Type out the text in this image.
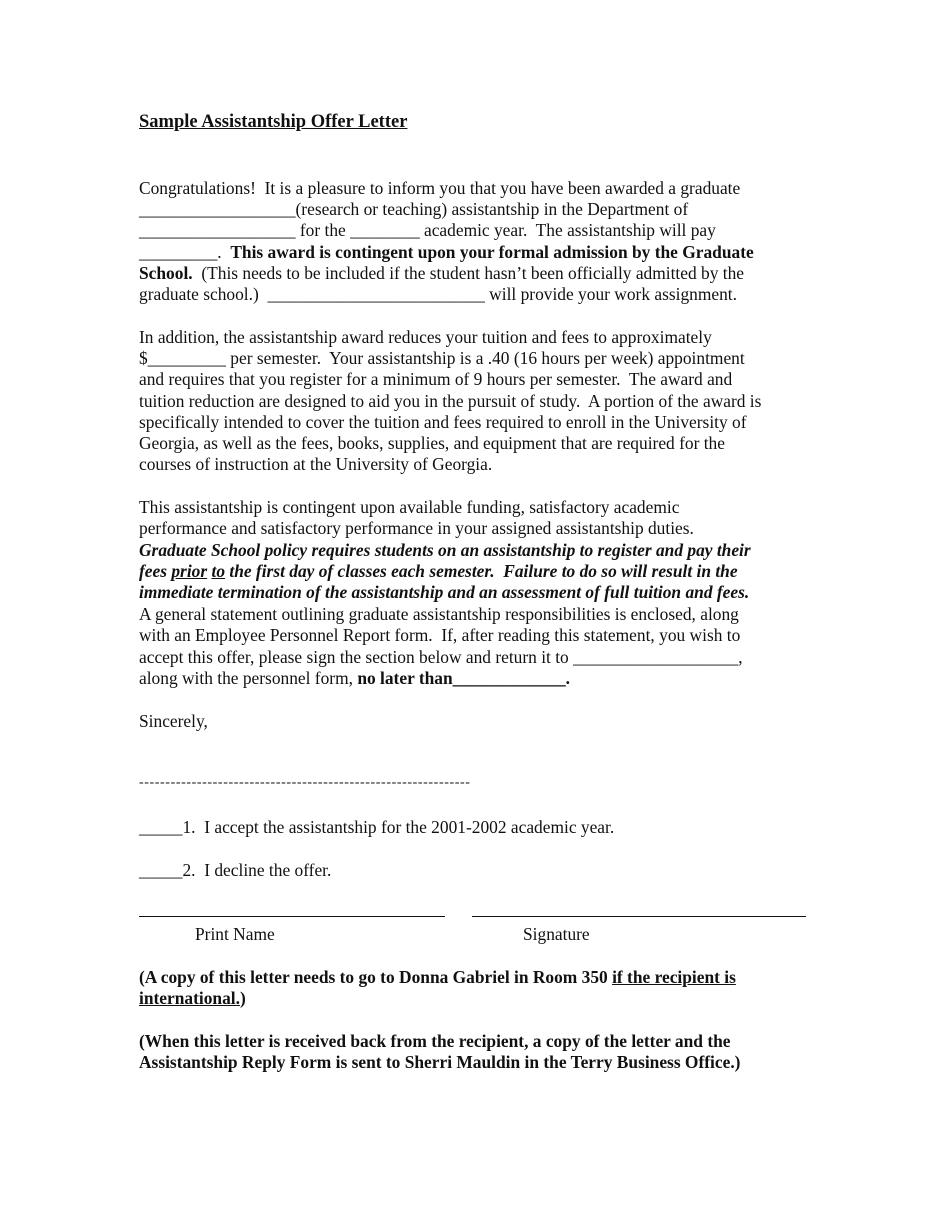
Sample Assistantship Offer Letter
Congratulations!  It is a pleasure to inform you that you have been awarded a graduate
__________________(research or teaching) assistantship in the Department of
__________________ for the ________ academic year.  The assistantship will pay
_________.  This award is contingent upon your formal admission by the Graduate
School.  (This needs to be included if the student hasn’t been officially admitted by the
graduate school.)  _________________________ will provide your work assignment.
In addition, the assistantship award reduces your tuition and fees to approximately
$_________ per semester.  Your assistantship is a .40 (16 hours per week) appointment
and requires that you register for a minimum of 9 hours per semester.  The award and
tuition reduction are designed to aid you in the pursuit of study.  A portion of the award is
specifically intended to cover the tuition and fees required to enroll in the University of
Georgia, as well as the fees, books, supplies, and equipment that are required for the
courses of instruction at the University of Georgia.
This assistantship is contingent upon available funding, satisfactory academic
performance and satisfactory performance in your assigned assistantship duties.
Graduate School policy requires students on an assistantship to register and pay their
fees prior to the first day of classes each semester.  Failure to do so will result in the
immediate termination of the assistantship and an assessment of full tuition and fees.
A general statement outlining graduate assistantship responsibilities is enclosed, along
with an Employee Personnel Report form.  If, after reading this statement, you wish to
accept this offer, please sign the section below and return it to ___________________,
along with the personnel form, no later than_____________.
Sincerely,
---------------------------------------------------------------
_____1.  I accept the assistantship for the 2001-2002 academic year.
_____2.  I decline the offer.
Print Name	Signature
(A copy of this letter needs to go to Donna Gabriel in Room 350 if the recipient is
international.)
(When this letter is received back from the recipient, a copy of the letter and the
Assistantship Reply Form is sent to Sherri Mauldin in the Terry Business Office.)
